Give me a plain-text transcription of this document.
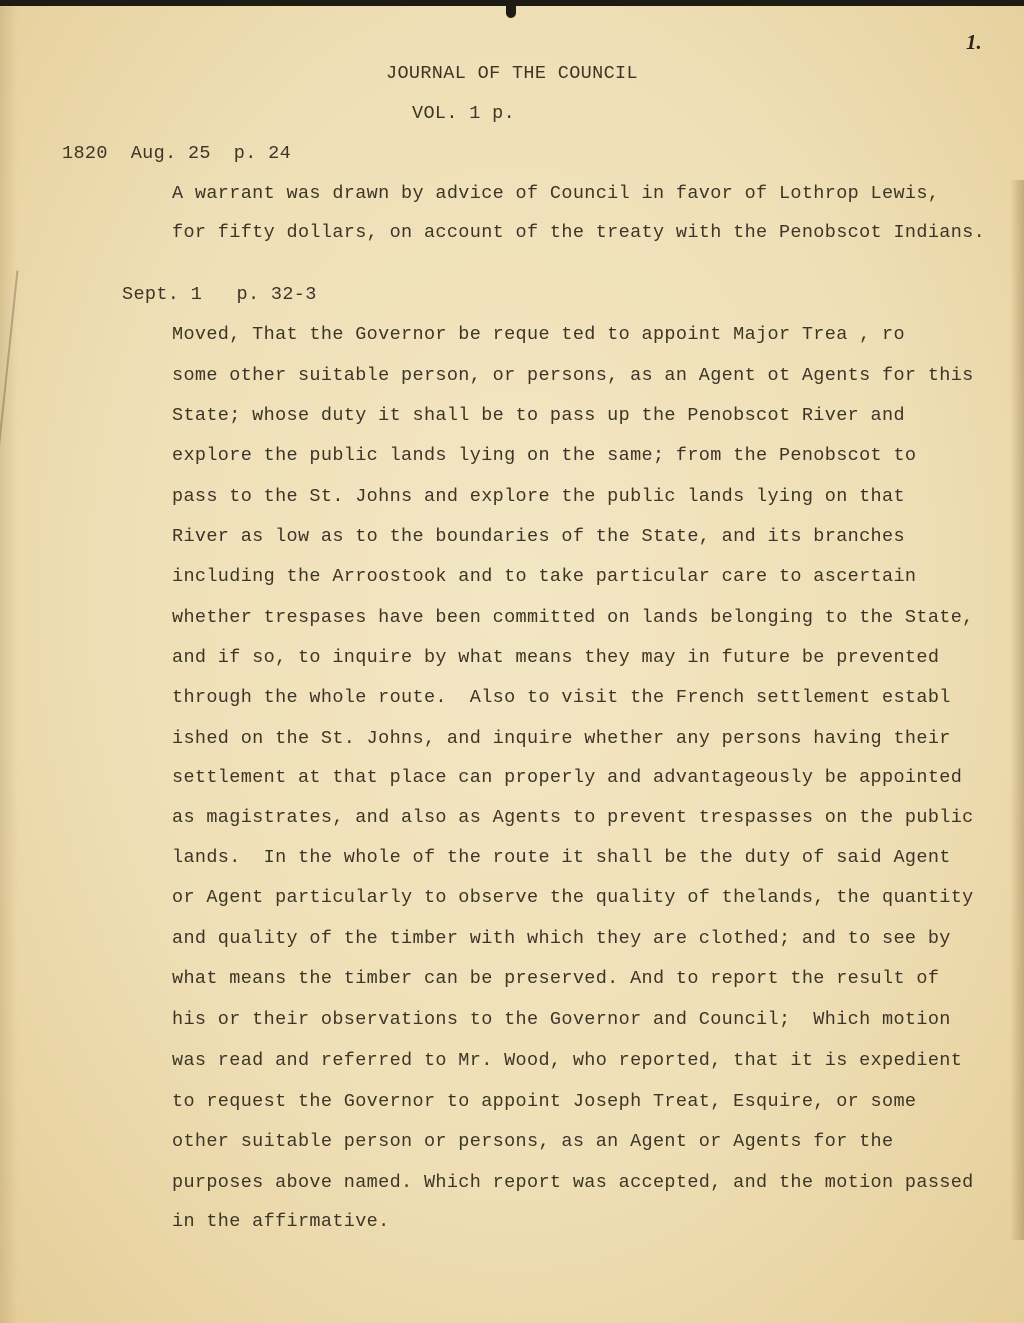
1.
JOURNAL OF THE COUNCIL
VOL. 1 p.
1820  Aug. 25  p. 24
A warrant was drawn by advice of Council in favor of Lothrop Lewis,
for fifty dollars, on account of the treaty with the Penobscot Indians.
Sept. 1   p. 32-3
Moved, That the Governor be reque ted to appoint Major Trea , ro
some other suitable person, or persons, as an Agent ot Agents for this
State; whose duty it shall be to pass up the Penobscot River and
explore the public lands lying on the same; from the Penobscot to
pass to the St. Johns and explore the public lands lying on that
River as low as to the boundaries of the State, and its branches
including the Arroostook and to take particular care to ascertain
whether trespases have been committed on lands belonging to the State,
and if so, to inquire by what means they may in future be prevented
through the whole route.  Also to visit the French settlement establ
ished on the St. Johns, and inquire whether any persons having their
settlement at that place can properly and advantageously be appointed
as magistrates, and also as Agents to prevent trespasses on the public
lands.  In the whole of the route it shall be the duty of said Agent
or Agent particularly to observe the quality of thelands, the quantity
and quality of the timber with which they are clothed; and to see by
what means the timber can be preserved. And to report the result of
his or their observations to the Governor and Council;  Which motion
was read and referred to Mr. Wood, who reported, that it is expedient
to request the Governor to appoint Joseph Treat, Esquire, or some
other suitable person or persons, as an Agent or Agents for the
purposes above named. Which report was accepted, and the motion passed
in the affirmative.
